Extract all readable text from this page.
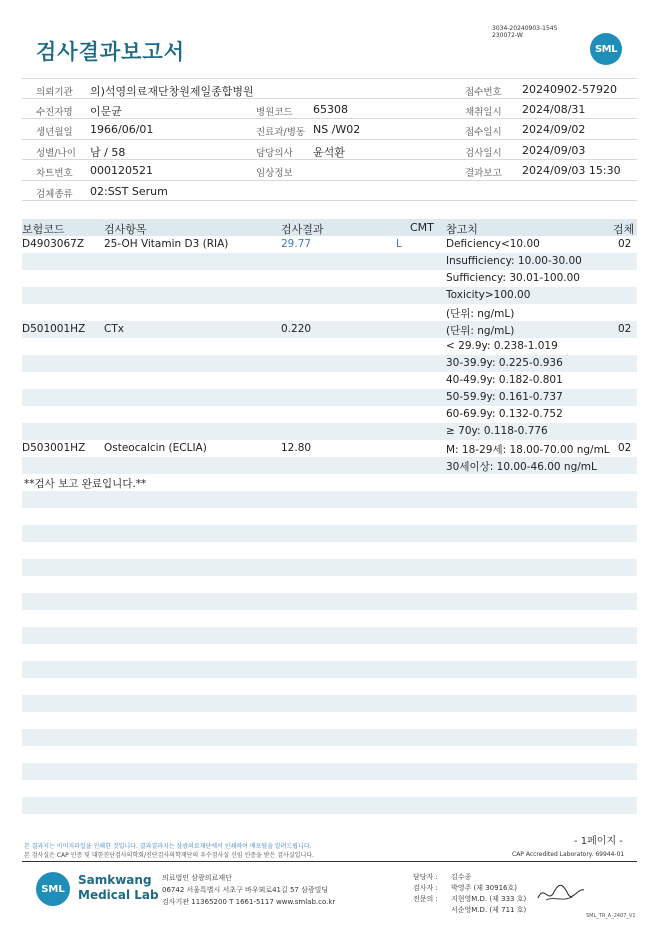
검사결과보고서
3034-20240903-1545
230072-W
SML
의뢰기관 의)석영의료재단창원제일종합병원	접수번호 20240902-57920
수진자명 이문균	병원코드 65308	채취일시 2024/08/31
생년월일 1966/06/01	진료과/병동 NS /W02	접수일시 2024/09/02
성별/나이 남 / 58	담당의사 윤석환	검사일시 2024/09/03
차트번호 000120521	임상정보	결과보고 2024/09/03 15:30
검체종류 02:SST Serum
보험코드	검사항목	검사결과	CMT 참고치	검체
D4903067Z 25-OH Vitamin D3 (RIA)	29.77	L	Deficiency<10.00	02
Insufficiency: 10.00-30.00
Sufficiency: 30.01-100.00
Toxicity>100.00
(단위: ng/mL)
D501001HZ CTx	0.220	(단위: ng/mL)	02
< 29.9y: 0.238-1.019
30-39.9y: 0.225-0.936
40-49.9y: 0.182-0.801
50-59.9y: 0.161-0.737
60-69.9y: 0.132-0.752
≥ 70y: 0.118-0.776
D503001HZ Osteocalcin (ECLIA)	12.80	M: 18-29세: 18.00-70.00 ng/mL 02
30세이상: 10.00-46.00 ng/mL
**검사 보고 완료입니다.**
- 1페이지 -
본 결과지는 이미지파일을 인쇄한 것입니다. 결과결과지는 삼광의료재단에서 인쇄하여 배포될을 알려드립니다.
본 검사실은 CAP 인증 및 대한진단검사의학회/진단검사의학재단의 우수검사실 신임 인증을 받은 검사실입니다.	CAP Accredited Laboratory. 69944-01
SML
Samkwang
Medical Lab
의료법인 삼광의료재단
06742 서울특별시 서초구 바우뫼로41길 57 삼광빌딩
검사기관 11365200 T 1661-5117 www.smlab.co.kr
담당자 : 김수종
검사자 : 박영주 (제 30916호)
전문의 : 지현영M.D. (제 333 호)
서순영M.D. (제 711 호)
SML_TR_A_2407_V1
